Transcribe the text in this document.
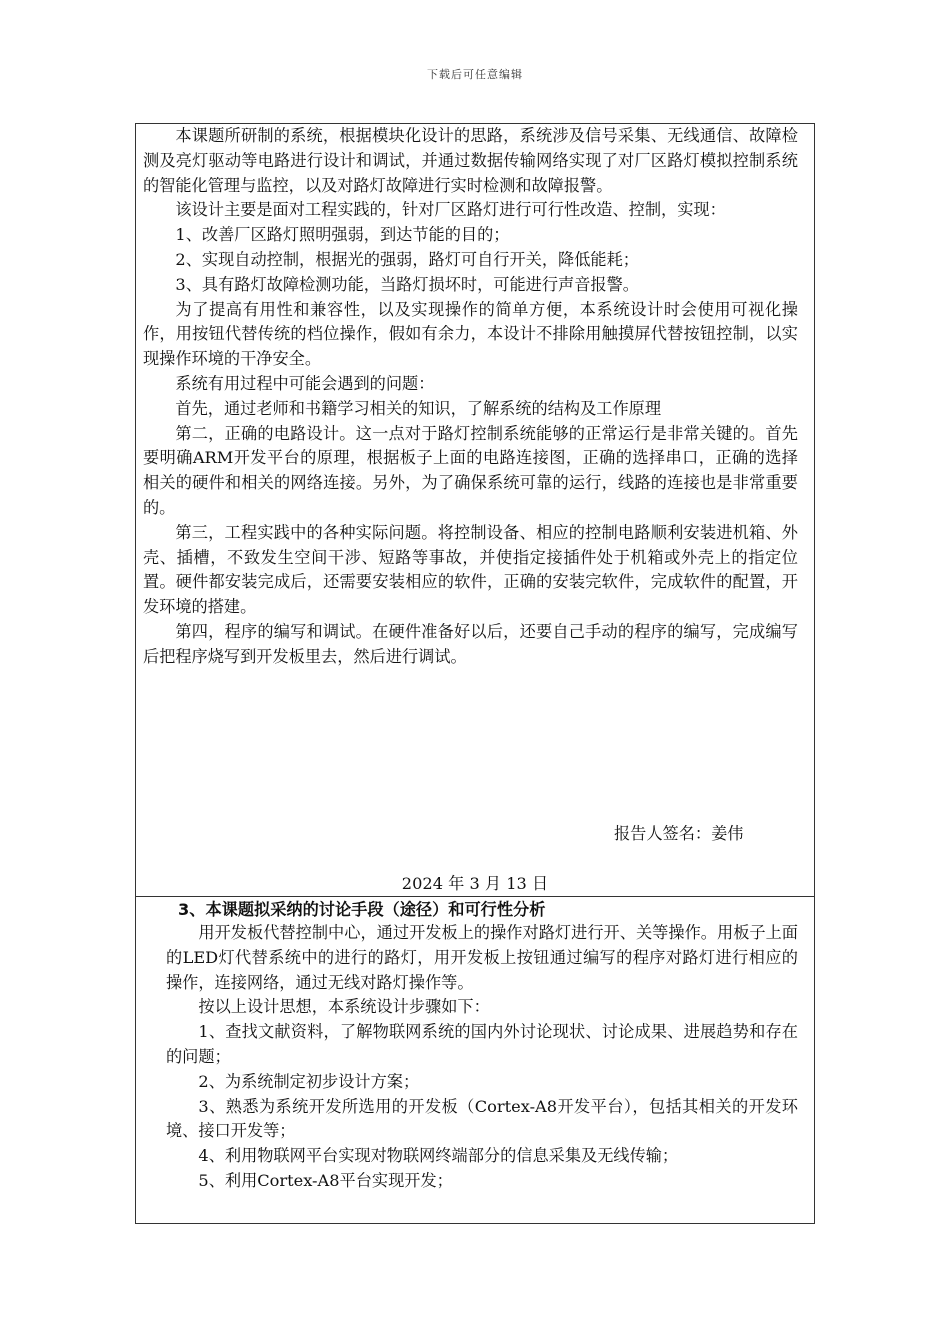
下载后可任意编辑

本课题所研制的系统，根据模块化设计的思路，系统涉及信号采集、无线通信、故障检测及亮灯驱动等电路进行设计和调试，并通过数据传输网络实现了对厂区路灯模拟控制系统的智能化管理与监控，以及对路灯故障进行实时检测和故障报警。

该设计主要是面对工程实践的，针对厂区路灯进行可行性改造、控制，实现：

1、改善厂区路灯照明强弱，到达节能的目的；

2、实现自动控制，根据光的强弱，路灯可自行开关，降低能耗；

3、具有路灯故障检测功能，当路灯损坏时，可能进行声音报警。

为了提高有用性和兼容性，以及实现操作的简单方便，本系统设计时会使用可视化操作，用按钮代替传统的档位操作，假如有余力，本设计不排除用触摸屏代替按钮控制，以实现操作环境的干净安全。

系统有用过程中可能会遇到的问题：

首先，通过老师和书籍学习相关的知识，了解系统的结构及工作原理

第二，正确的电路设计。这一点对于路灯控制系统能够的正常运行是非常关键的。首先要明确ARM开发平台的原理，根据板子上面的电路连接图，正确的选择串口，正确的选择相关的硬件和相关的网络连接。另外，为了确保系统可靠的运行，线路的连接也是非常重要的。

第三，工程实践中的各种实际问题。将控制设备、相应的控制电路顺利安装进机箱、外壳、插槽，不致发生空间干涉、短路等事故，并使指定接插件处于机箱或外壳上的指定位置。硬件都安装完成后，还需要安装相应的软件，正确的安装完软件，完成软件的配置，开发环境的搭建。

第四，程序的编写和调试。在硬件准备好以后，还要自己手动的程序的编写，完成编写后把程序烧写到开发板里去，然后进行调试。

报告人签名：姜伟
2024 年 3 月 13 日
3、本课题拟采纳的讨论手段（途径）和可行性分析

用开发板代替控制中心，通过开发板上的操作对路灯进行开、关等操作。用板子上面的LED灯代替系统中的进行的路灯，用开发板上按钮通过编写的程序对路灯进行相应的操作，连接网络，通过无线对路灯操作等。

按以上设计思想，本系统设计步骤如下：

1、查找文献资料，了解物联网系统的国内外讨论现状、讨论成果、进展趋势和存在的问题；

2、为系统制定初步设计方案；

3、熟悉为系统开发所选用的开发板（Cortex-A8开发平台），包括其相关的开发环境、接口开发等；

4、利用物联网平台实现对物联网终端部分的信息采集及无线传输；

5、利用Cortex-A8平台实现开发；
